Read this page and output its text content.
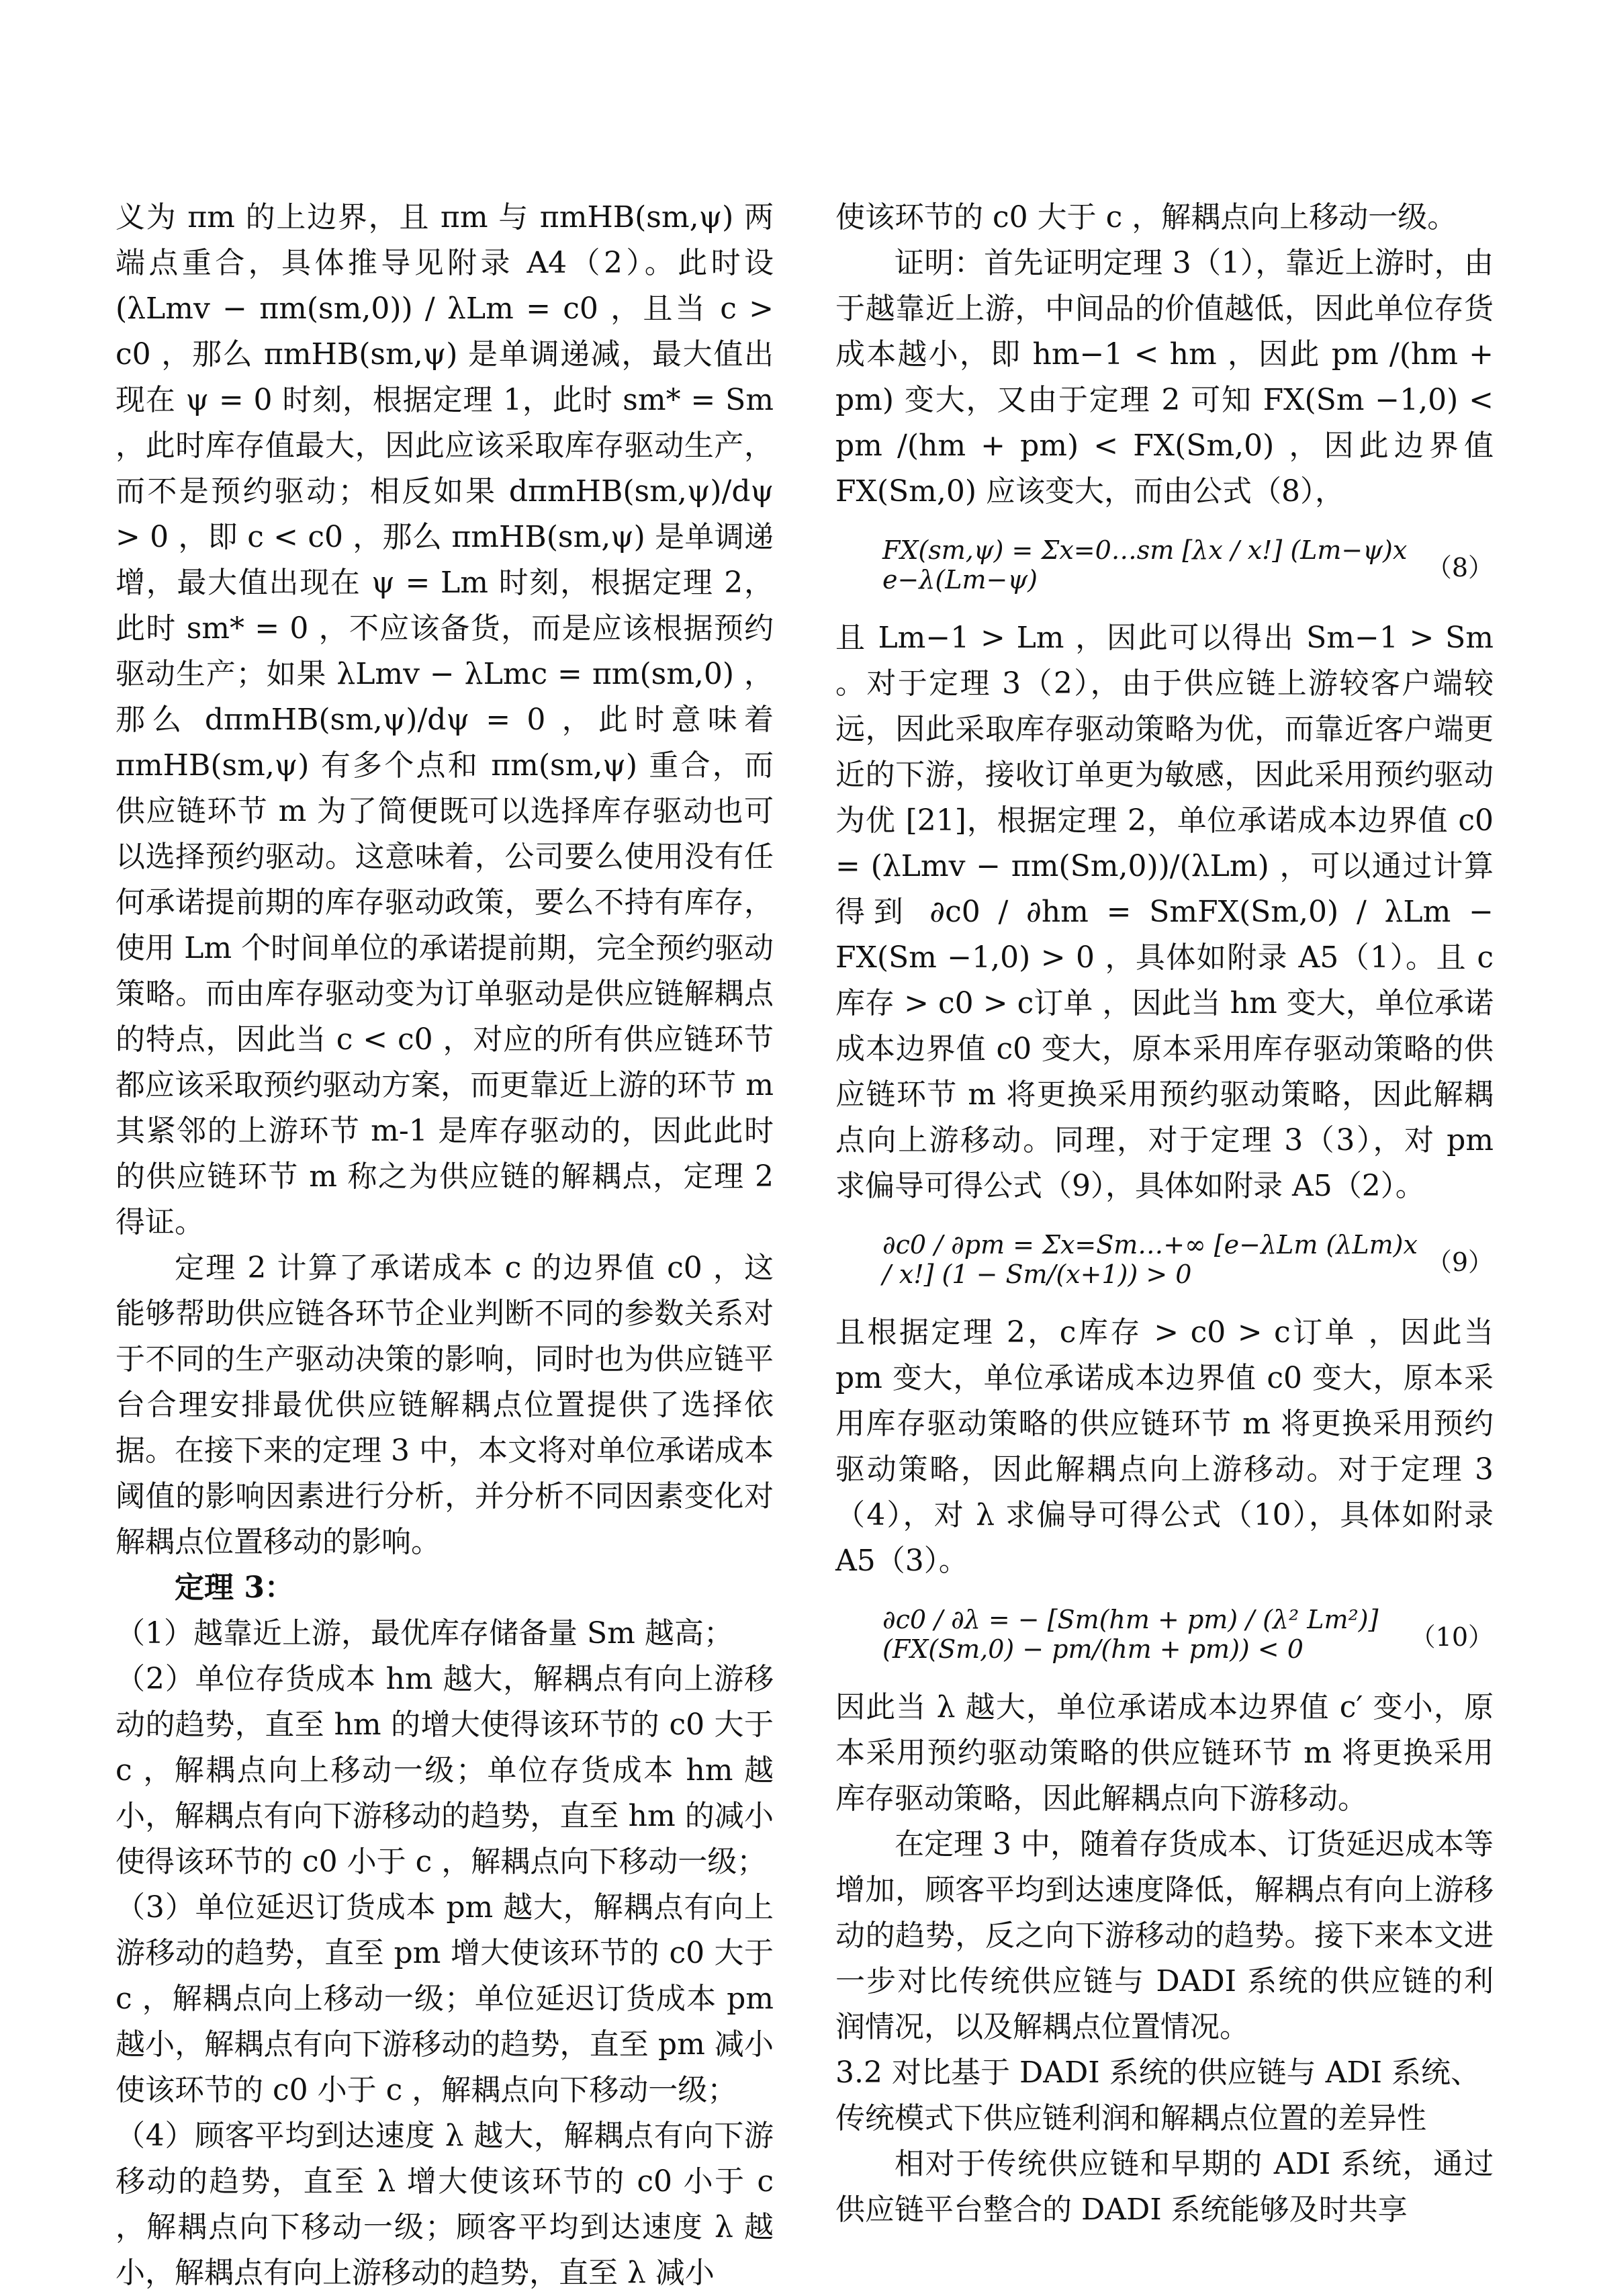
义为 πm 的上边界，且 πm 与 πmHB(sm,ψ) 两端点重合，具体推导见附录 A4（2）。此时设 (λLmv − πm(sm,0)) / λLm = c0 ，且当 c > c0 ，那么 πmHB(sm,ψ) 是单调递减，最大值出现在 ψ = 0 时刻，根据定理 1，此时 sm* = Sm ，此时库存值最大，因此应该采取库存驱动生产，而不是预约驱动；相反如果 dπmHB(sm,ψ)/dψ > 0 ，即 c < c0 ，那么 πmHB(sm,ψ) 是单调递增，最大值出现在 ψ = Lm 时刻，根据定理 2，此时 sm* = 0 ，不应该备货，而是应该根据预约驱动生产；如果 λLmv − λLmc = πm(sm,0) ，那么 dπmHB(sm,ψ)/dψ = 0 ，此时意味着 πmHB(sm,ψ) 有多个点和 πm(sm,ψ) 重合，而供应链环节 m 为了简便既可以选择库存驱动也可以选择预约驱动。这意味着，公司要么使用没有任何承诺提前期的库存驱动政策，要么不持有库存，使用 Lm 个时间单位的承诺提前期，完全预约驱动策略。而由库存驱动变为订单驱动是供应链解耦点的特点，因此当 c < c0 ，对应的所有供应链环节都应该采取预约驱动方案，而更靠近上游的环节 m 其紧邻的上游环节 m-1 是库存驱动的，因此此时的供应链环节 m 称之为供应链的解耦点，定理 2 得证。

定理 2 计算了承诺成本 c 的边界值 c0 ，这能够帮助供应链各环节企业判断不同的参数关系对于不同的生产驱动决策的影响，同时也为供应链平台合理安排最优供应链解耦点位置提供了选择依据。在接下来的定理 3 中，本文将对单位承诺成本阈值的影响因素进行分析，并分析不同因素变化对解耦点位置移动的影响。

定理 3：

（1）越靠近上游，最优库存储备量 Sm 越高；

（2）单位存货成本 hm 越大，解耦点有向上游移动的趋势，直至 hm 的增大使得该环节的 c0 大于 c ，解耦点向上移动一级；单位存货成本 hm 越小，解耦点有向下游移动的趋势，直至 hm 的减小使得该环节的 c0 小于 c ，解耦点向下移动一级；

（3）单位延迟订货成本 pm 越大，解耦点有向上游移动的趋势，直至 pm 增大使该环节的 c0 大于 c ，解耦点向上移动一级；单位延迟订货成本 pm 越小，解耦点有向下游移动的趋势，直至 pm 减小使该环节的 c0 小于 c ，解耦点向下移动一级；

（4）顾客平均到达速度 λ 越大，解耦点有向下游移动的趋势，直至 λ 增大使该环节的 c0 小于 c ，解耦点向下移动一级；顾客平均到达速度 λ 越小，解耦点有向上游移动的趋势，直至 λ 减小

使该环节的 c0 大于 c ，解耦点向上移动一级。

证明：首先证明定理 3（1），靠近上游时，由于越靠近上游，中间品的价值越低，因此单位存货成本越小，即 hm−1 < hm ，因此 pm /(hm + pm) 变大，又由于定理 2 可知 FX(Sm −1,0) < pm /(hm + pm) < FX(Sm,0) ，因此边界值 FX(Sm,0) 应该变大，而由公式（8），

FX(sm,ψ) = Σx=0…sm [λx / x!] (Lm−ψ)x e−λ(Lm−ψ)	（8）

且 Lm−1 > Lm ，因此可以得出 Sm−1 > Sm 。对于定理 3（2），由于供应链上游较客户端较远，因此采取库存驱动策略为优，而靠近客户端更近的下游，接收订单更为敏感，因此采用预约驱动为优 [21]，根据定理 2，单位承诺成本边界值 c0 = (λLmv − πm(Sm,0))/(λLm) ，可以通过计算得到 ∂c0 / ∂hm = SmFX(Sm,0) / λLm − FX(Sm −1,0) > 0 ，具体如附录 A5（1）。且 c库存 > c0 > c订单 ，因此当 hm 变大，单位承诺成本边界值 c0 变大，原本采用库存驱动策略的供应链环节 m 将更换采用预约驱动策略，因此解耦点向上游移动。同理，对于定理 3（3），对 pm 求偏导可得公式（9），具体如附录 A5（2）。

∂c0 / ∂pm = Σx=Sm…+∞ [e−λLm (λLm)x / x!] (1 − Sm/(x+1)) > 0	（9）

且根据定理 2，c库存 > c0 > c订单 ，因此当 pm 变大，单位承诺成本边界值 c0 变大，原本采用库存驱动策略的供应链环节 m 将更换采用预约驱动策略，因此解耦点向上游移动。对于定理 3（4），对 λ 求偏导可得公式（10），具体如附录 A5（3）。

∂c0 / ∂λ = − [Sm(hm + pm) / (λ² Lm²)] (FX(Sm,0) − pm/(hm + pm)) < 0	（10）

因此当 λ 越大，单位承诺成本边界值 c′ 变小，原本采用预约驱动策略的供应链环节 m 将更换采用库存驱动策略，因此解耦点向下游移动。

在定理 3 中，随着存货成本、订货延迟成本等增加，顾客平均到达速度降低，解耦点有向上游移动的趋势，反之向下游移动的趋势。接下来本文进一步对比传统供应链与 DADI 系统的供应链的利润情况，以及解耦点位置情况。

3.2 对比基于 DADI 系统的供应链与 ADI 系统、传统模式下供应链利润和解耦点位置的差异性

相对于传统供应链和早期的 ADI 系统，通过供应链平台整合的 DADI 系统能够及时共享
